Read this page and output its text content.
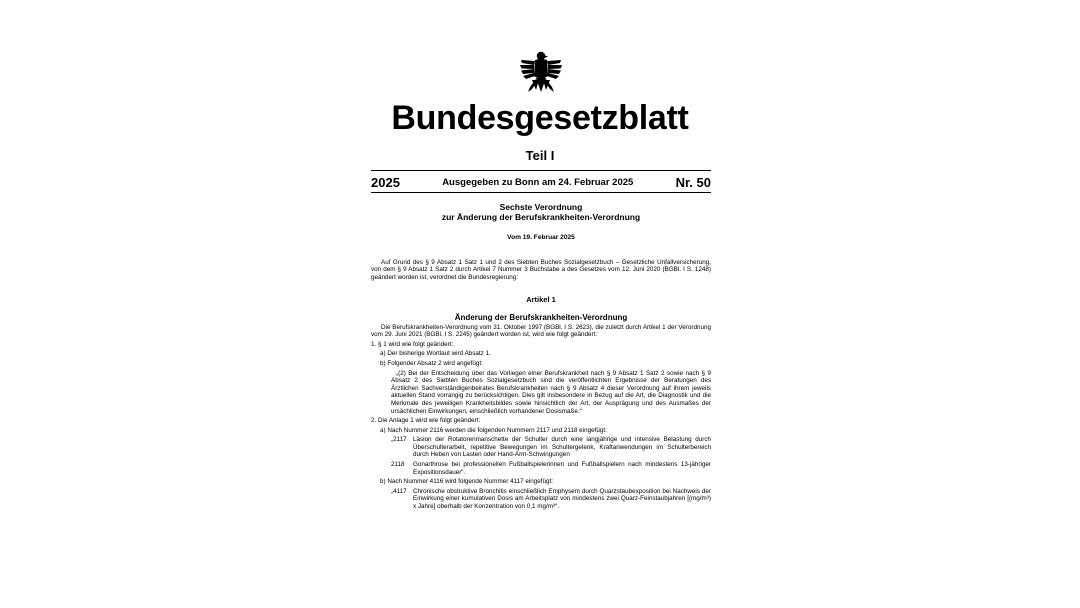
Bundesgesetzblatt
Teil I
2025	Ausgegeben zu Bonn am 24. Februar 2025	Nr. 50
Sechste Verordnung
zur Änderung der Berufskrankheiten-Verordnung
Vom 19. Februar 2025
Auf Grund des § 9 Absatz 1 Satz 1 und 2 des Siebten Buches Sozialgesetzbuch – Gesetzliche Unfallversicherung, von dem § 9 Absatz 1 Satz 2 durch Artikel 7 Nummer 3 Buchstabe a des Gesetzes vom 12. Juni 2020 (BGBl. I S. 1248) geändert worden ist, verordnet die Bundesregierung:
Artikel 1
Änderung der Berufskrankheiten-Verordnung
Die Berufskrankheiten-Verordnung vom 31. Oktober 1997 (BGBl. I S. 2623), die zuletzt durch Artikel 1 der Verordnung vom 29. Juni 2021 (BGBl. I S. 2245) geändert worden ist, wird wie folgt geändert:
1. § 1 wird wie folgt geändert:
a) Der bisherige Wortlaut wird Absatz 1.
b) Folgender Absatz 2 wird angefügt:
„(2) Bei der Entscheidung über das Vorliegen einer Berufskrankheit nach § 9 Absatz 1 Satz 2 sowie nach § 9 Absatz 2 des Siebten Buches Sozialgesetzbuch sind die veröffentlichten Ergebnisse der Beratungen des Ärztlichen Sachverständigenbeirates Berufskrankheiten nach § 9 Absatz 4 dieser Verordnung auf ihrem jeweils aktuellen Stand vorrangig zu berücksichtigen. Dies gilt insbesondere in Bezug auf die Art, die Diagnostik und die Merkmale des jeweiligen Krankheitsbildes sowie hinsichtlich der Art, der Ausprägung und des Ausmaßes der ursächlichen Einwirkungen, einschließlich vorhandener Dosismaße.“
2. Die Anlage 1 wird wie folgt geändert:
a) Nach Nummer 2116 werden die folgenden Nummern 2117 und 2118 eingefügt:
„2117	Läsion der Rotatorenmanschette der Schulter durch eine langjährige und intensive Belastung durch Überschulterarbeit, repetitive Bewegungen im Schultergelenk, Kraftanwendungen im Schulterbereich durch Heben von Lasten oder Hand-Arm-Schwingungen
2118	Gonarthrose bei professionellen Fußballspielerinnen und Fußballspielern nach mindestens 13-jähriger Expositionsdauer“.
b) Nach Nummer 4116 wird folgende Nummer 4117 eingefügt:
„4117	Chronische obstruktive Bronchitis einschließlich Emphysem durch Quarzstaubexposition bei Nachweis der Einwirkung einer kumulativen Dosis am Arbeitsplatz von mindestens zwei Quarz-Feinstaubjahren [(mg/m³) x Jahre] oberhalb der Konzentration von 0,1 mg/m³“.
